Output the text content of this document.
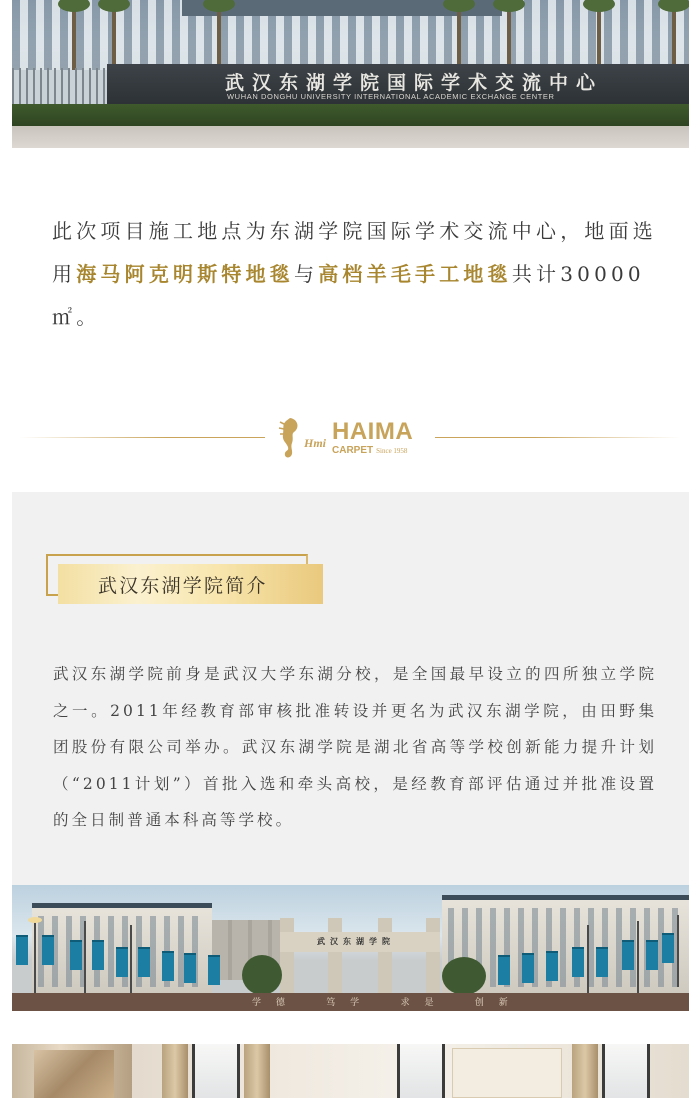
武汉东湖学院国际学术交流中心
WUHAN DONGHU UNIVERSITY INTERNATIONAL ACADEMIC EXCHANGE CENTER

此次项目施工地点为东湖学院国际学术交流中心，地面选用海马阿克明斯特地毯与高档羊毛手工地毯共计30000㎡。

Hmi HAIMA
CARPET Since 1958
武汉东湖学院简介

武汉东湖学院前身是武汉大学东湖分校，是全国最早设立的四所独立学院之一。2011年经教育部审核批准转设并更名为武汉东湖学院，由田野集团股份有限公司举办。武汉东湖学院是湖北省高等学校创新能力提升计划（“2011计划”）首批入选和牵头高校，是经教育部评估通过并批准设置的全日制普通本科高等学校。

武汉东湖学院
学 德    笃 学    求 是    创 新
